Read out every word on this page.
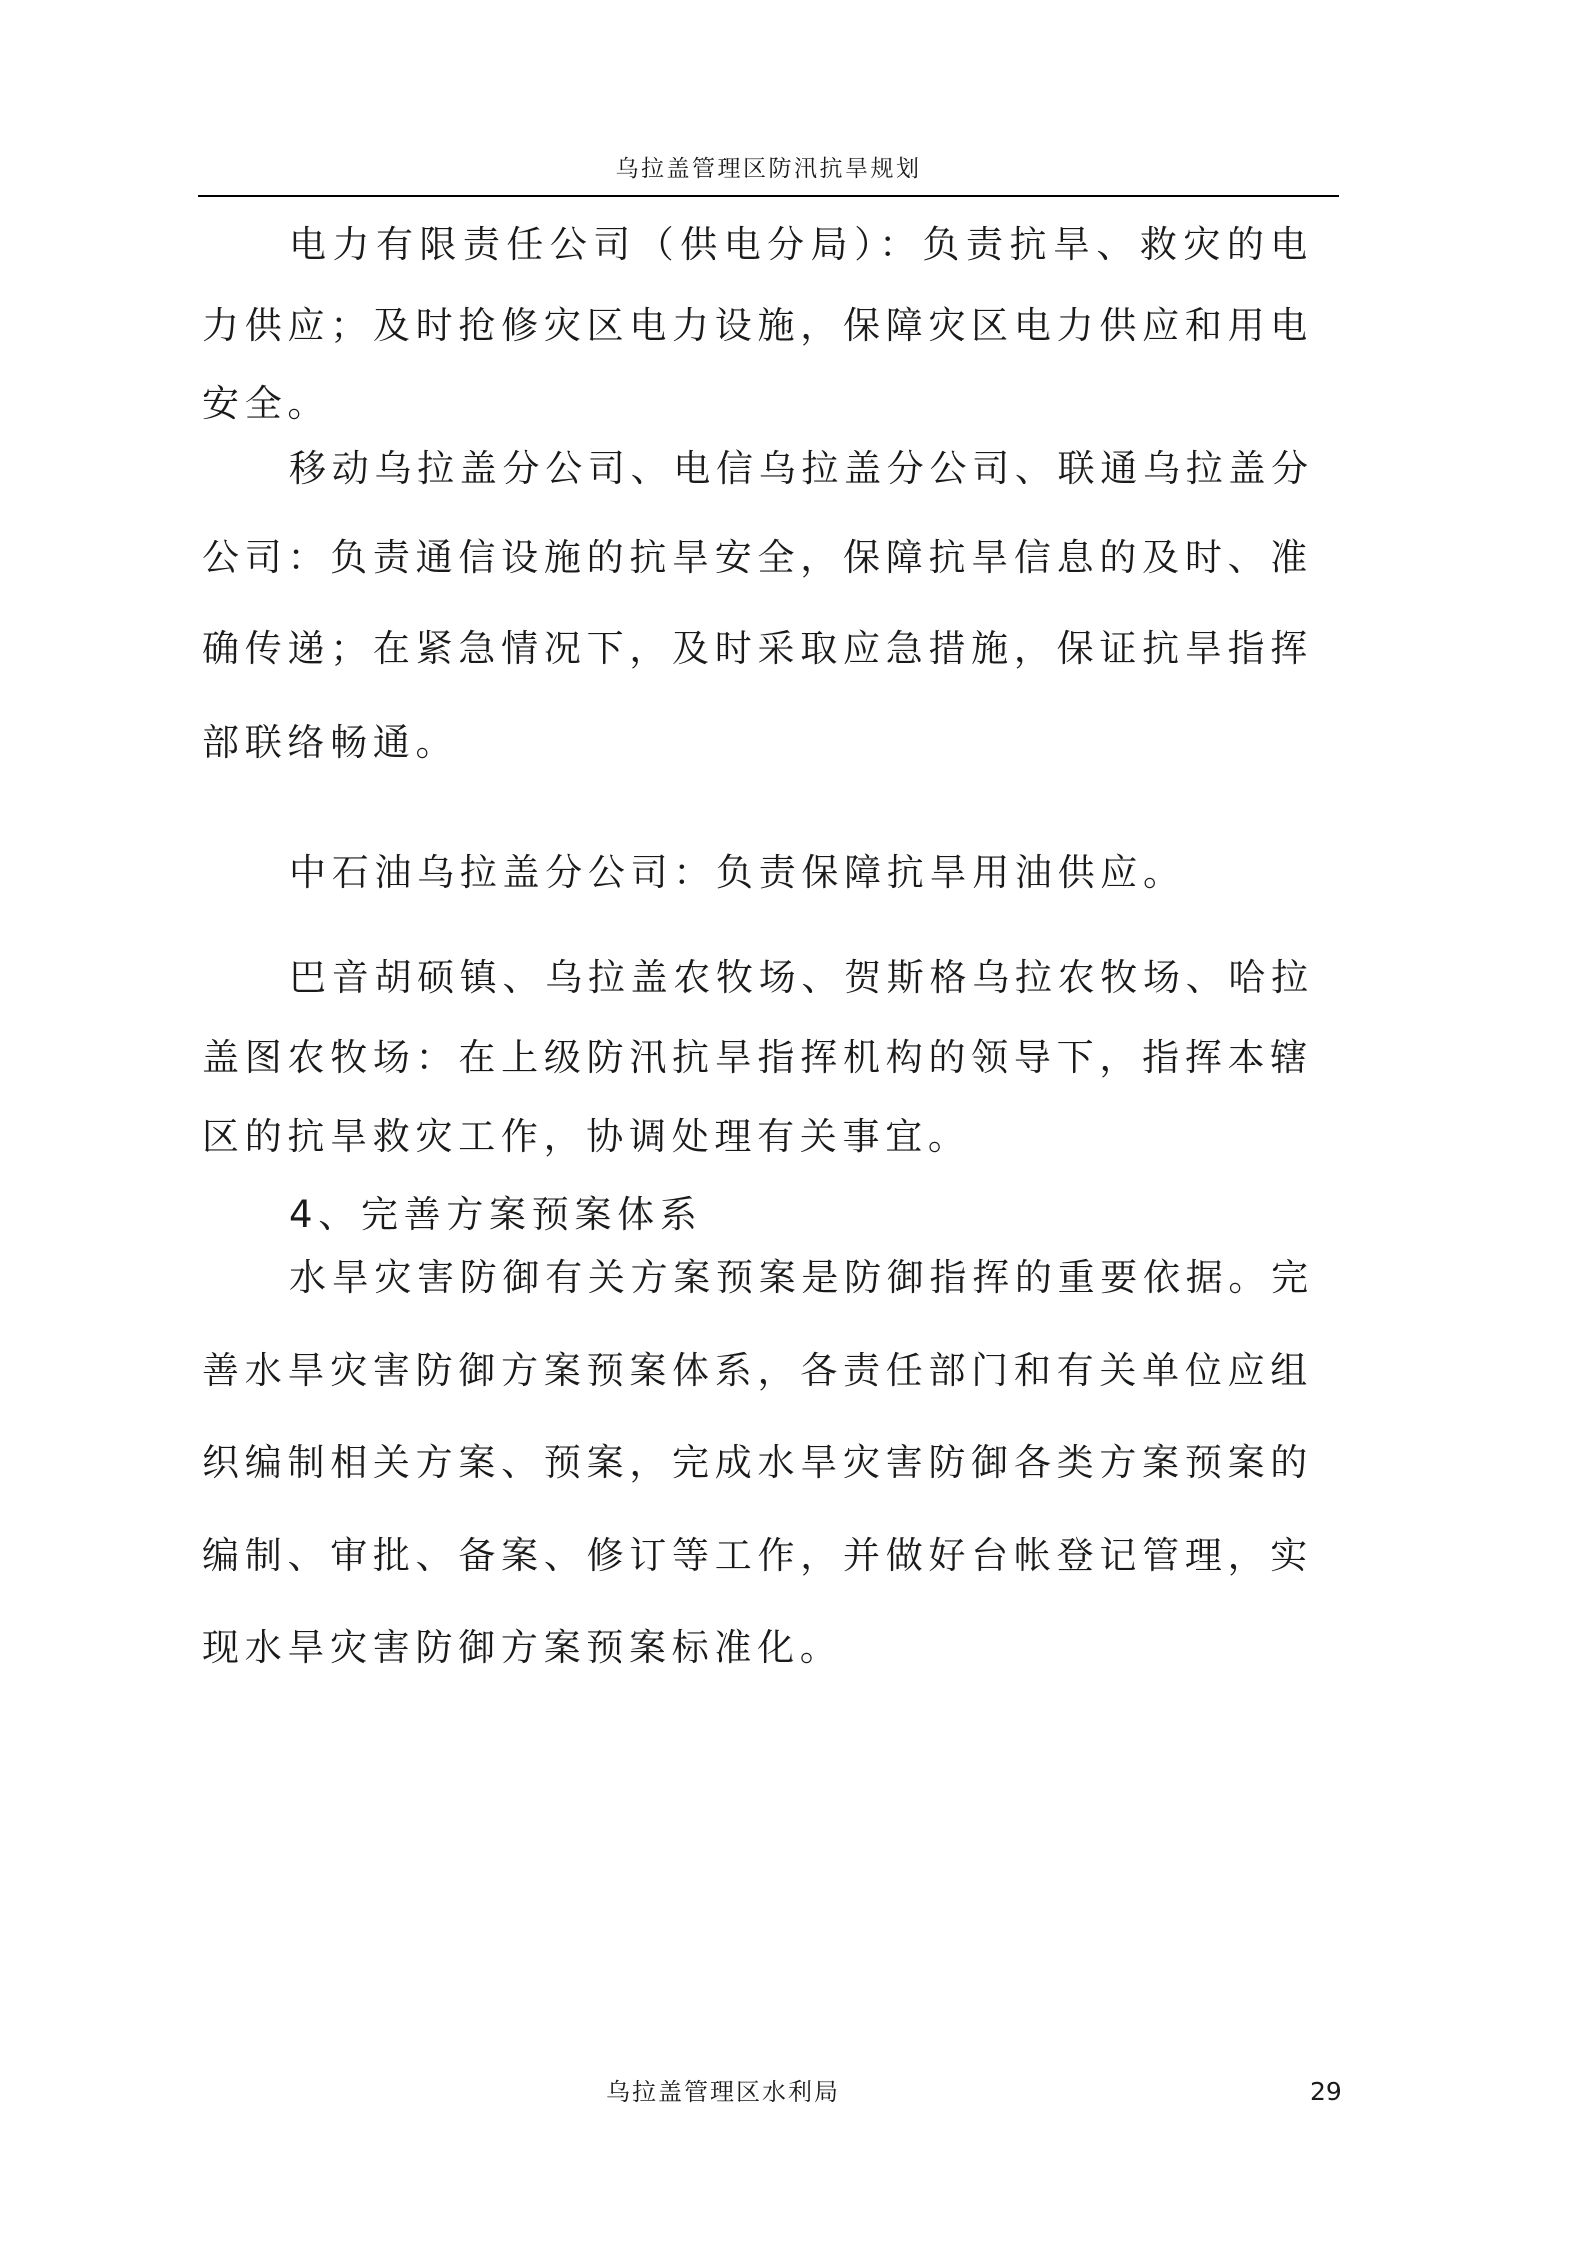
乌拉盖管理区防汛抗旱规划
电力有限责任公司（供电分局）：负责抗旱、救灾的电
力供应；及时抢修灾区电力设施，保障灾区电力供应和用电
安全。
移动乌拉盖分公司、电信乌拉盖分公司、联通乌拉盖分
公司：负责通信设施的抗旱安全，保障抗旱信息的及时、准
确传递；在紧急情况下，及时采取应急措施，保证抗旱指挥
部联络畅通。
中石油乌拉盖分公司：负责保障抗旱用油供应。
巴音胡硕镇、乌拉盖农牧场、贺斯格乌拉农牧场、哈拉
盖图农牧场：在上级防汛抗旱指挥机构的领导下，指挥本辖
区的抗旱救灾工作，协调处理有关事宜。
4、完善方案预案体系
水旱灾害防御有关方案预案是防御指挥的重要依据。完
善水旱灾害防御方案预案体系，各责任部门和有关单位应组
织编制相关方案、预案，完成水旱灾害防御各类方案预案的
编制、审批、备案、修订等工作，并做好台帐登记管理，实
现水旱灾害防御方案预案标准化。
乌拉盖管理区水利局	29
